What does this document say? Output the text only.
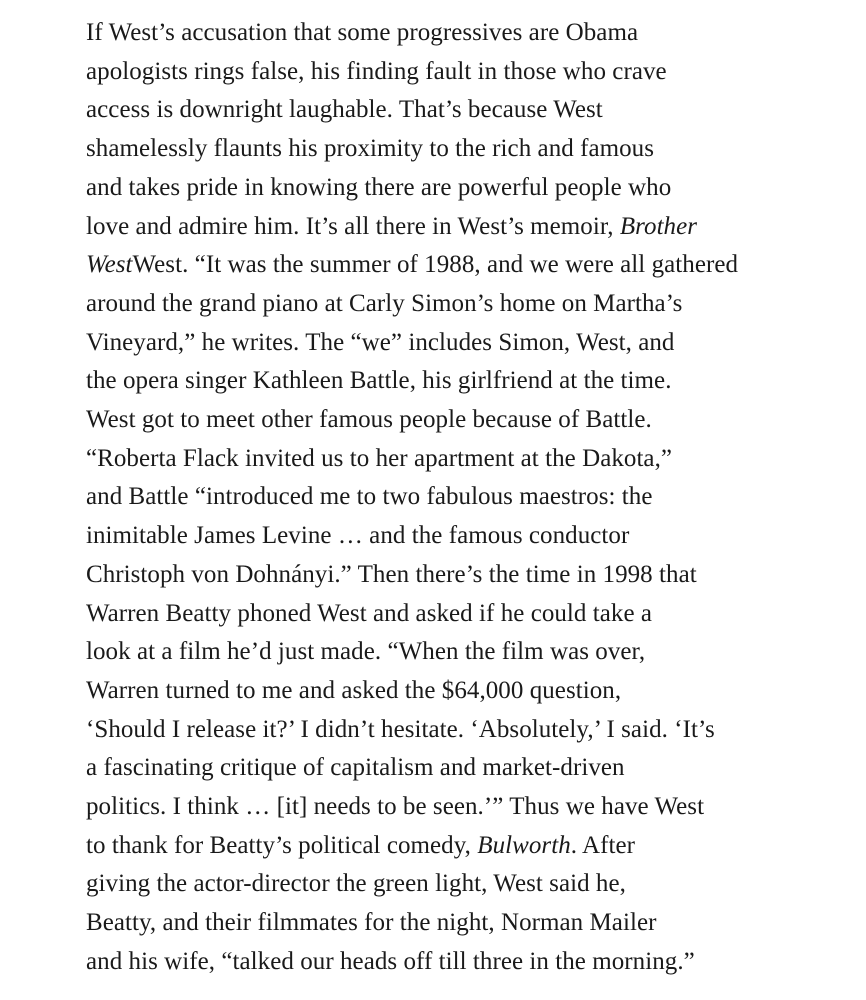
If West’s accusation that some progressives are Obama
apologists rings false, his finding fault in those who crave
access is downright laughable. That’s because West
shamelessly flaunts his proximity to the rich and famous
and takes pride in knowing there are powerful people who
love and admire him. It’s all there in West’s memoir, Brother
WestWest. “It was the summer of 1988, and we were all gathered
around the grand piano at Carly Simon’s home on Martha’s
Vineyard,” he writes. The “we” includes Simon, West, and
the opera singer Kathleen Battle, his girlfriend at the time.
West got to meet other famous people because of Battle.
“Roberta Flack invited us to her apartment at the Dakota,”
and Battle “introduced me to two fabulous maestros: the
inimitable James Levine … and the famous conductor
Christoph von Dohnányi.” Then there’s the time in 1998 that
Warren Beatty phoned West and asked if he could take a
look at a film he’d just made. “When the film was over,
Warren turned to me and asked the $64,000 question,
‘Should I release it?’ I didn’t hesitate. ‘Absolutely,’ I said. ‘It’s
a fascinating critique of capitalism and market-driven
politics. I think … [it] needs to be seen.’” Thus we have West
to thank for Beatty’s political comedy, Bulworth. After
giving the actor-director the green light, West said he,
Beatty, and their filmmates for the night, Norman Mailer
and his wife, “talked our heads off till three in the morning.”
